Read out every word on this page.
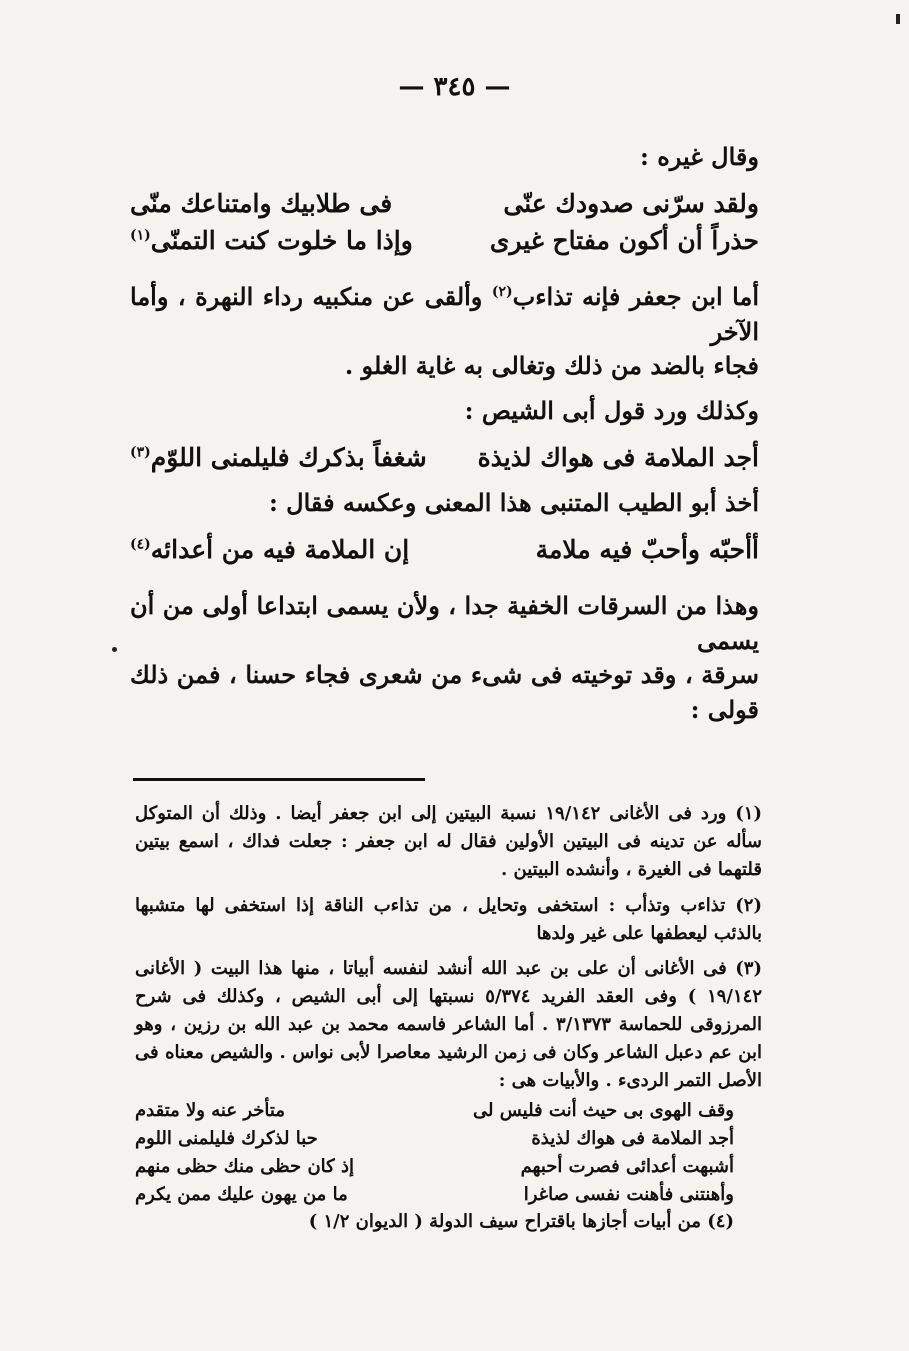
— ٣٤٥ —
وقال غيره :
ولقد سرّنى صدودك عنّى
فى طلابيك وامتناعك منّى
حذراً أن أكون مفتاح غيرى
وإذا ما خلوت كنت التمنّى$^{(١)}$
أما ابن جعفر فإنه تذاءب$^{(٢)}$ وألقى عن منكبيه رداء النهرة ، وأما الآخر
فجاء بالضد من ذلك وتغالى به غاية الغلو .
وكذلك ورد قول أبى الشيص :
أجد الملامة فى هواك لذيذة
شغفاً بذكرك فليلمنى اللوّم$^{(٣)}$
أخذ أبو الطيب المتنبى هذا المعنى وعكسه فقال :
أأحبّه وأحبّ فيه ملامة
إن الملامة فيه من أعدائه$^{(٤)}$
وهذا من السرقات الخفية جدا ، ولأن يسمى ابتداعا أولى من أن يسمى
سرقة ، وقد توخيته فى شىء من شعرى فجاء حسنا ، فمن ذلك قولى :
(١) ورد فى الأغانى ١٩/١٤٢ نسبة البيتين إلى ابن جعفر أيضا . وذلك أن المتوكل سأله عن تدينه فى البيتين الأولين فقال له ابن جعفر : جعلت فداك ، اسمع بيتين قلتهما فى الغيرة ، وأنشده البيتين .
(٢) تذاءب وتذأب : استخفى وتحايل ، من تذاءب الناقة إذا استخفى لها متشبها بالذئب ليعطفها على غير ولدها
(٣) فى الأغانى أن على بن عبد الله أنشد لنفسه أبياتا ، منها هذا البيت ( الأغانى ١٩/١٤٢ ) وفى العقد الفريد ٥/٣٧٤ نسبتها إلى أبى الشيص ، وكذلك فى شرح المرزوقى للحماسة ٣/١٣٧٣ . أما الشاعر فاسمه محمد بن عبد الله بن رزين ، وهو ابن عم دعبل الشاعر وكان فى زمن الرشيد معاصرا لأبى نواس . والشيص معناه فى الأصل التمر الردىء . والأبيات هى :
وقف الهوى بى حيث أنت فليس لى
متأخر عنه ولا متقدم
أجد الملامة فى هواك لذيذة
حبا لذكرك فليلمنى اللوم
أشبهت أعدائى فصرت أحبهم
إذ كان حظى منك حظى منهم
وأهنتنى فأهنت نفسى صاغرا
ما من يهون عليك ممن يكرم
(٤) من أبيات أجازها باقتراح سيف الدولة ( الديوان ١/٢ )
